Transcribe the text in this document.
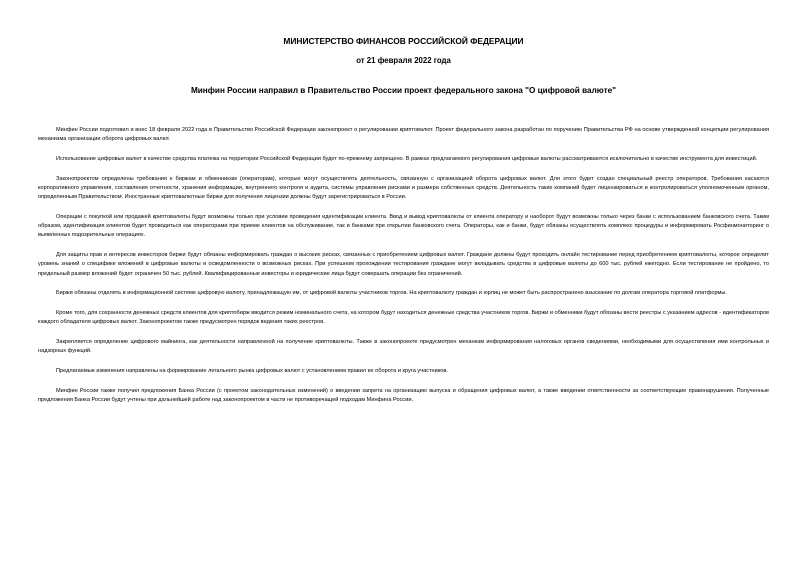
МИНИСТЕРСТВО ФИНАНСОВ РОССИЙСКОЙ ФЕДЕРАЦИИ
от 21 февраля 2022 года
Минфин России направил в Правительство России проект федерального закона "О цифровой валюте"

Минфин России подготовил и внес 18 февраля 2022 года в Правительство Российской Федерации законопроект о регулировании криптовалют. Проект федерального закона разработан по поручению Правительства РФ на основе утвержденной концепции регулирования механизма организации оборота цифровых валют.

Использование цифровых валют в качестве средства платежа на территории Российской Федерации будет по-прежнему запрещено. В рамках предлагаемого регулирования цифровые валюты рассматриваются исключительно в качестве инструмента для инвестиций.

Законопроектом определены требования к биржам и обменникам (операторам), которые могут осуществлять деятельность, связанную с организацией оборота цифровых валют. Для этого будет создан специальный реестр операторов. Требования касаются корпоративного управления, составления отчетности, хранения информации, внутреннего контроля и аудита, системы управления рисками и размера собственных средств. Деятельность таких компаний будет лицензироваться и контролироваться уполномоченным органом, определенным Правительством. Иностранные криптовалютные биржи для получения лицензии должны будут зарегистрироваться в России.

Операции с покупкой или продажей криптовалюты будут возможны только при условии проведения идентификации клиента. Ввод и вывод криптовалюты от клиента оператору и наоборот будут возможны только через банки с использованием банковского счета. Таким образом, идентификация клиентов будет проводиться как операторами при приеме клиентов на обслуживание, так и банками при открытии банковского счета. Операторы, как и банки, будут обязаны осуществлять комплекс процедуры и информировать Росфинмониторинг о выявленных подозрительных операциях.

Для защиты прав и интересов инвесторов биржи будут обязаны информировать граждан о высоких рисках, связанных с приобретением цифровых валют. Граждане должны будут проходить онлайн тестирование перед приобретением криптовалюты, которое определит уровень знаний о специфике вложений в цифровые валюты и осведомленности о возможных рисках. При успешном прохождении тестирования граждане могут вкладывать средства в цифровые валюты до 600 тыс. рублей ежегодно. Если тестирование не пройдено, то предельный размер вложений будет ограничен 50 тыс. рублей. Квалифицированные инвесторы и юридические лица будут совершать операции без ограничений.

Биржи обязаны отделять в информационной системе цифровую валюту, принадлежащую им, от цифровой валюты участников торгов. На криптовалюту граждан и юрлиц не может быть распространено взыскание по долгам оператора торговой платформы.

Кроме того, для сохранности денежных средств клиентов для криптобирж вводится режим номинального счета, на котором будут находиться денежные средства участников торгов. Биржи и обменники будут обязаны вести реестры с указанием адресов - идентификаторов каждого обладателя цифровых валют. Законопроектом также предусмотрен порядок ведения таких реестров.

Закрепляется определение цифрового майнинга, как деятельности направленной на получение криптовалюты. Также в законопроекте предусмотрен механизм информирования налоговых органов сведениями, необходимыми для осуществления ими контрольных и надзорных функций.

Предлагаемые изменения направлены на формирование легального рынка цифровых валют с установлением правил их оборота и круга участников.

Минфин России также получил предложения Банка России (с проектом законодательных изменений) о введении запрета на организацию выпуска и обращения цифровых валют, а также введении ответственности за соответствующие правонарушения. Полученные предложения Банка России будут учтены при дальнейшей работе над законопроектом в части не противоречащей подходам Минфина России.
